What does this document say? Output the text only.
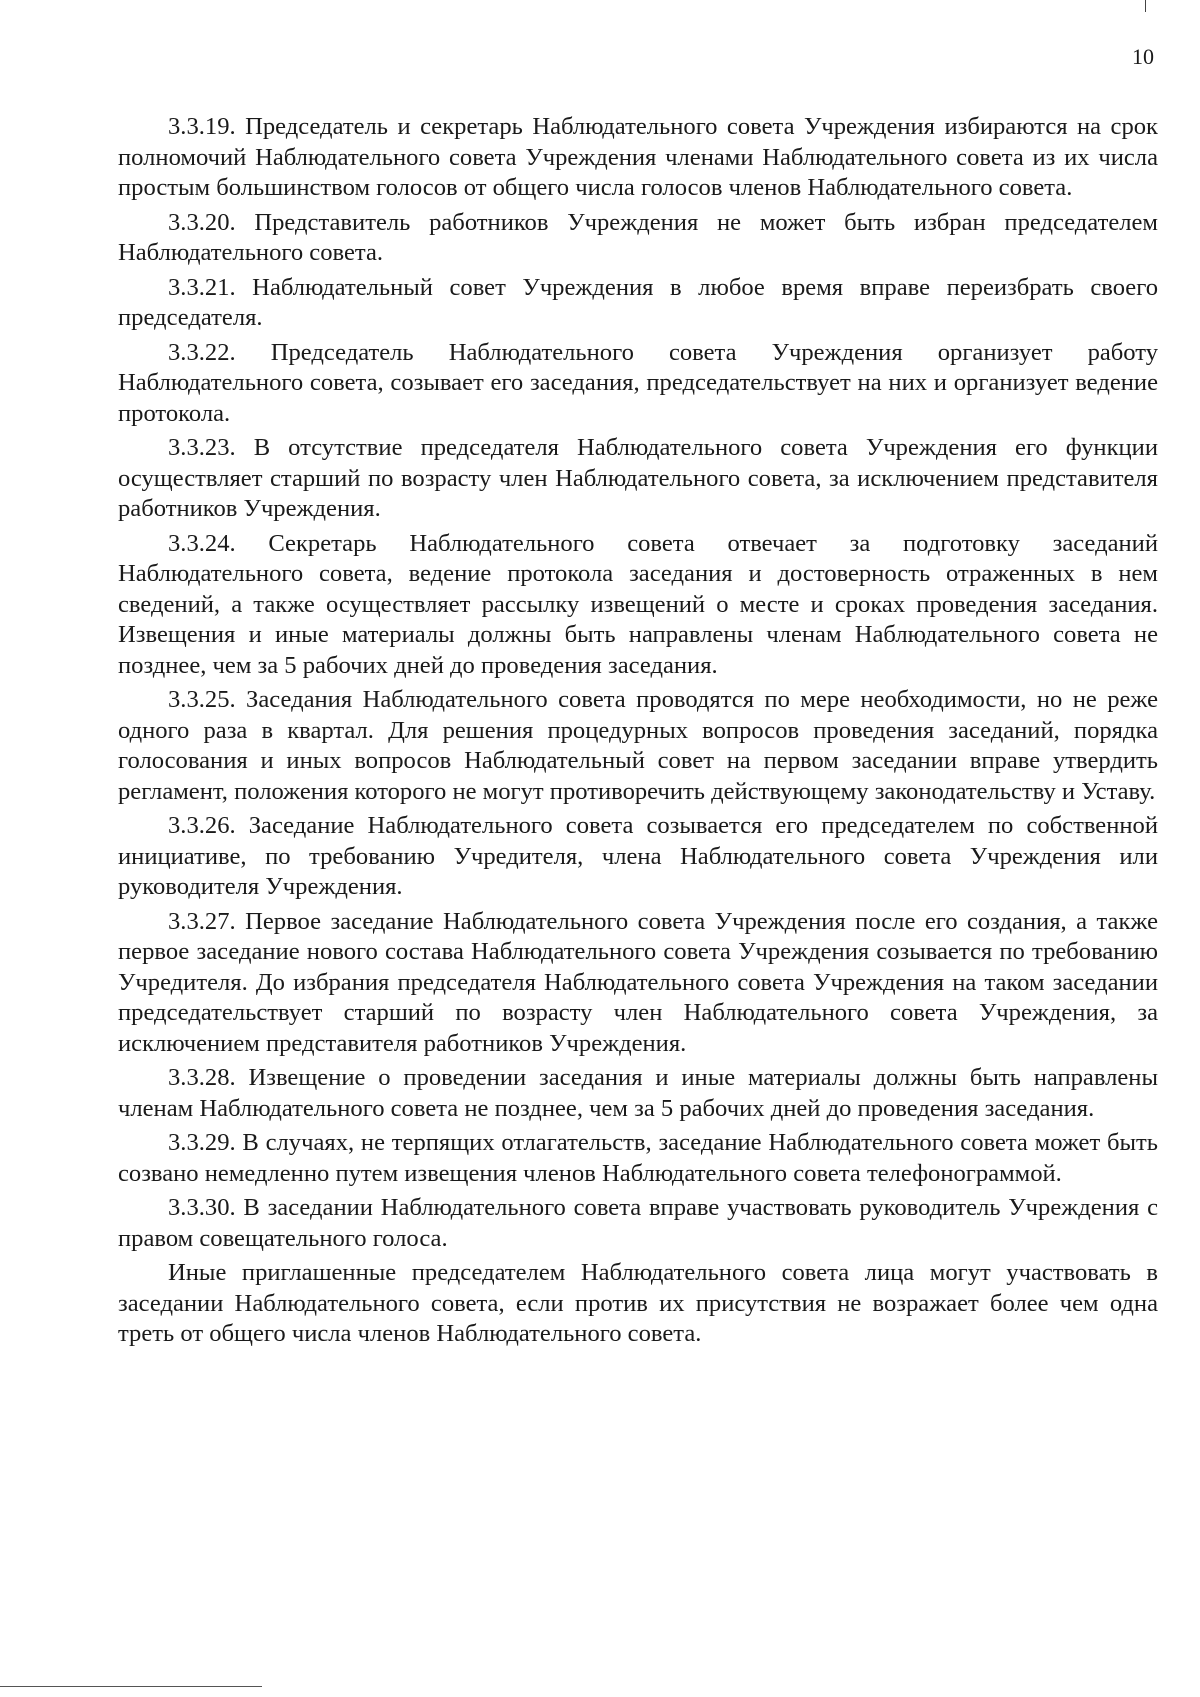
10

3.3.19. Председатель и секретарь Наблюдательного совета Учреждения избираются на срок полномочий Наблюдательного совета Учреждения членами Наблюдательного совета из их числа простым большинством голосов от общего числа голосов членов Наблюдательного совета.

3.3.20. Представитель работников Учреждения не может быть избран председателем Наблюдательного совета.

3.3.21. Наблюдательный совет Учреждения в любое время вправе переизбрать своего председателя.

3.3.22. Председатель Наблюдательного совета Учреждения организует работу Наблюдательного совета, созывает его заседания, председательствует на них и организует ведение протокола.

3.3.23. В отсутствие председателя Наблюдательного совета Учреждения его функции осуществляет старший по возрасту член Наблюдательного совета, за исключением представителя работников Учреждения.

3.3.24. Секретарь Наблюдательного совета отвечает за подготовку заседаний Наблюдательного совета, ведение протокола заседания и достоверность отраженных в нем сведений, а также осуществляет рассылку извещений о месте и сроках проведения заседания. Извещения и иные материалы должны быть направлены членам Наблюдательного совета не позднее, чем за 5 рабочих дней до проведения заседания.

3.3.25. Заседания Наблюдательного совета проводятся по мере необходимости, но не реже одного раза в квартал. Для решения процедурных вопросов проведения заседаний, порядка голосования и иных вопросов Наблюдательный совет на первом заседании вправе утвердить регламент, положения которого не могут противоречить действующему законодательству и Уставу.

3.3.26. Заседание Наблюдательного совета созывается его председателем по собственной инициативе, по требованию Учредителя, члена Наблюдательного совета Учреждения или руководителя Учреждения.

3.3.27. Первое заседание Наблюдательного совета Учреждения после его создания, а также первое заседание нового состава Наблюдательного совета Учреждения созывается по требованию Учредителя. До избрания председателя Наблюдательного совета Учреждения на таком заседании председательствует старший по возрасту член Наблюдательного совета Учреждения, за исключением представителя работников Учреждения.

3.3.28. Извещение о проведении заседания и иные материалы должны быть направлены членам Наблюдательного совета не позднее, чем за 5 рабочих дней до проведения заседания.

3.3.29. В случаях, не терпящих отлагательств, заседание Наблюдательного совета может быть созвано немедленно путем извещения членов Наблюдательного совета телефонограммой.

3.3.30. В заседании Наблюдательного совета вправе участвовать руководитель Учреждения с правом совещательного голоса.

Иные приглашенные председателем Наблюдательного совета лица могут участвовать в заседании Наблюдательного совета, если против их присутствия не возражает более чем одна треть от общего числа членов Наблюдательного совета.
